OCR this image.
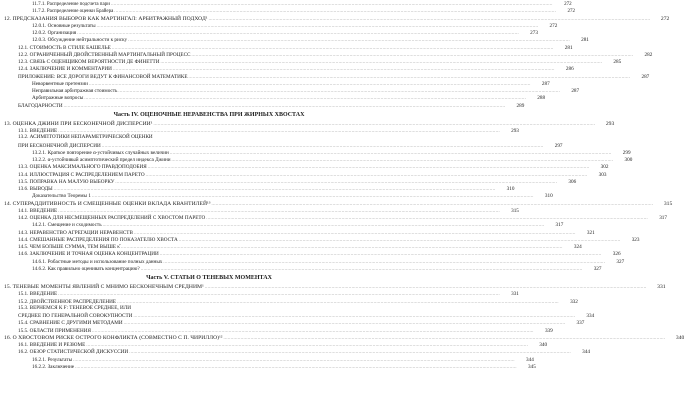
11.7.1. Распределение подсчета пари .....	272
11.7.2. Распределение оценки Брайера .....	272
12. ПРЕДСКАЗАНИЯ ВЫБОРОВ КАК МАРТИНГАЛ: АРБИТРАЖНЫЙ ПОДХОД¹ .....	272
12.0.1. Основные результаты .....	272
12.0.2. Организация .....	273
12.0.3. Обсуждение нейтральности к риску .....	281
12.1. СТОИМОСТЬ В СТИЛЕ БАШЕЛЬЕ .....	281
12.2. ОГРАНИЧЕННЫЙ ДВОЙСТВЕННЫЙ МАРТИНГАЛЬНЫЙ ПРОЦЕСС .....	282
12.3. СВЯЗЬ С ОЦЕНЩИКОМ ВЕРОЯТНОСТИ ДЕ ФИНЕТТИ .....	285
12.4. ЗАКЛЮЧЕНИЕ И КОММЕНТАРИИ .....	286
ПРИЛОЖЕНИЕ: ВСЕ ДОРОГИ ВЕДУТ К ФИНАНСОВОЙ МАТЕМАТИКЕ .....	287
Неворвентные претензии .....	287
Неправильная арбитражная стоимость .....	287
Арбитражные вопросы .....	288
БЛАГОДАРНОСТИ .....	289
Часть IV. ОЦЕНОЧНЫЕ НЕРАВЕНСТВА ПРИ ЖИРНЫХ ХВОСТАХ
13. ОЦЕНКА ДЖИНИ ПРИ БЕСКОНЕЧНОЙ ДИСПЕРСИИ¹ .....	293
13.1. ВВЕДЕНИЕ .....	293
13.2. АСИМПТОТИКИ НЕПАРАМЕТРИЧЕСКОЙ ОЦЕНКИ
ПРИ БЕСКОНЕЧНОЙ ДИСПЕРСИИ .....	297
13.2.1. Краткое повторение α-устойчивых случайных величин .....	299
13.2.2. α-устойчивый асимптотический предел индекса Джини .....	300
13.3. ОЦЕНКА МАКСИМАЛЬНОГО ПРАВДОПОДОБИЯ .....	302
13.4. ИЛЛЮСТРАЦИЯ С РАСПРЕДЕЛЕНИЕМ ПАРЕТО .....	303
13.5. ПОПРАВКА НА МАЛУЮ ВЫБОРКУ .....	306
13.6. ВЫВОДЫ .....	310
Доказательство Теоремы 1 .....	310
14. СУПЕРАДДИТИВНОСТЬ И СМЕЩЕННЫЕ ОЦЕНКИ ВКЛАДА КВАНТИЛЕЙ¹³ .....	315
14.1. ВВЕДЕНИЕ .....	315
14.2. ОЦЕНКА ДЛЯ НЕСМЕЩЕННЫХ РАСПРЕДЕЛЕНИЙ С ХВОСТОМ ПАРЕТО .....	317
14.2.1. Смещение и сходимость .....	317
14.3. НЕРАВЕНСТВО АГРЕГАЦИИ НЕРАВЕНСТВ .....	321
14.4. СМЕШАННЫЕ РАСПРЕДЕЛЕНИЯ ПО ПОКАЗАТЕЛЮ ХВОСТА .....	323
14.5. ЧЕМ БОЛЬШЕ СУММА, ТЕМ ВЫШЕ κ̂ .....	324
14.6. ЗАКЛЮЧЕНИЕ И ТОЧНАЯ ОЦЕНКА КОНЦЕНТРАЦИИ .....	326
14.6.1. Робастные методы и использование полных данных .....	327
14.6.2. Как правильно оценивать концентрацию? .....	327
Часть V. СТАТЬИ О ТЕНЕВЫХ МОМЕНТАХ
15. ТЕНЕВЫЕ МОМЕНТЫ ЯВЛЕНИЙ С МНИМО БЕСКОНЕЧНЫМ СРЕДНИМ¹ .....	331
15.1. ВВЕДЕНИЕ .....	331
15.2. ДВОЙСТВЕННОЕ РАСПРЕДЕЛЕНИЕ .....	332
15.3. ВЕРНЕМСЯ К F: ТЕНЕВОЕ СРЕДНЕЕ, ИЛИ
СРЕДНЕЕ ПО ГЕНЕРАЛЬНОЙ СОВОКУПНОСТИ .....	334
15.4. СРАВНЕНИЕ С ДРУГИМИ МЕТОДАМИ .....	337
15.5. ОБЛАСТИ ПРИМЕНЕНИЯ .....	339
16. О ХВОСТОВОМ РИСКЕ ОСТРОГО КОНФЛИКТА (СОВМЕСТНО С П. ЧИРИЛЛО)¹² .....	340
16.1. ВВЕДЕНИЕ И РЕЗЮМЕ .....	340
16.2. ОБЗОР СТАТИСТИЧЕСКОЙ ДИСКУССИИ .....	344
16.2.1. Результаты .....	344
16.2.2. Заключение .....	345
